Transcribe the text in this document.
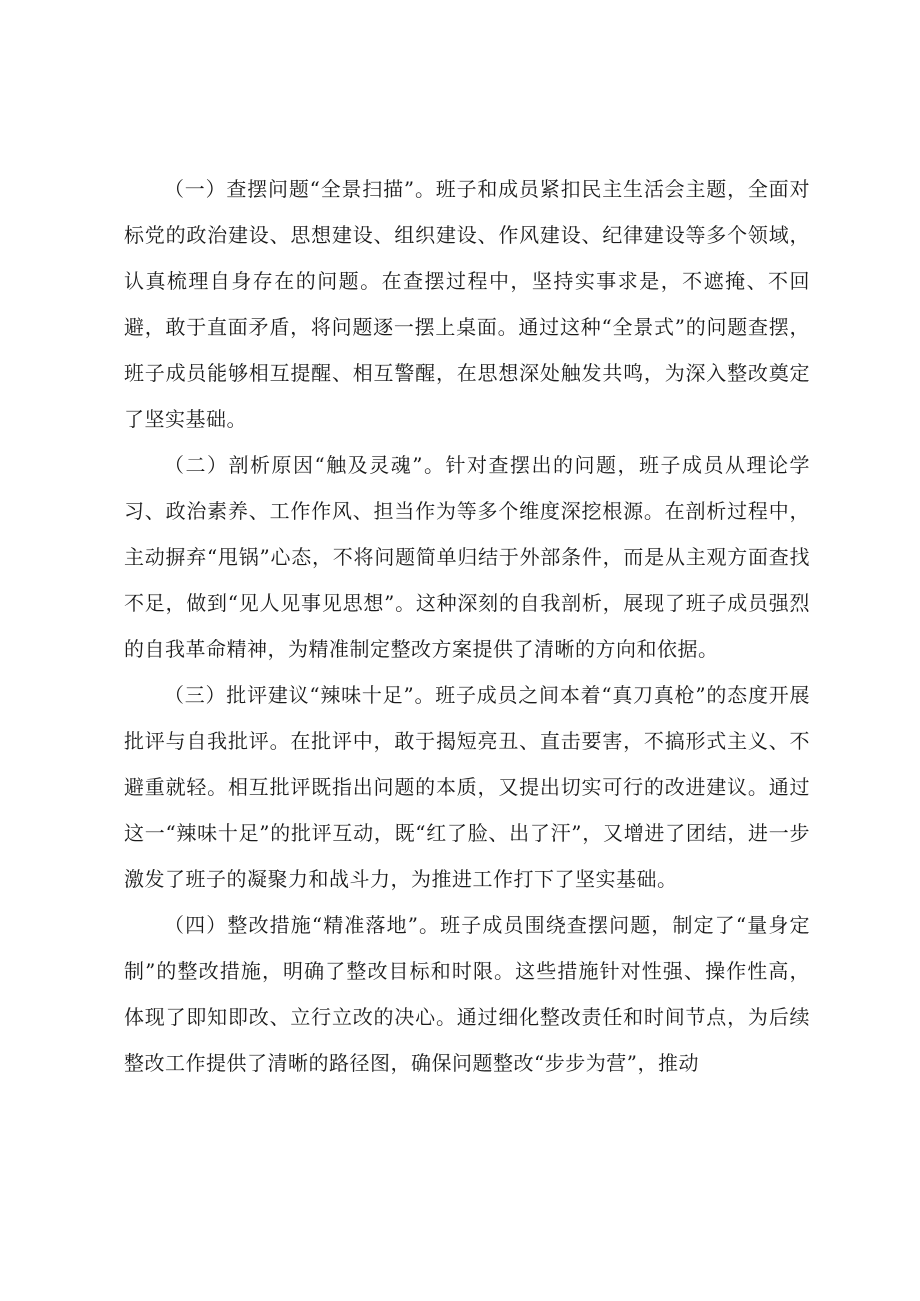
（一）查摆问题“全景扫描”。班子和成员紧扣民主生活会主题，全面对标党的政治建设、思想建设、组织建设、作风建设、纪律建设等多个领域，认真梳理自身存在的问题。在查摆过程中，坚持实事求是，不遮掩、不回避，敢于直面矛盾，将问题逐一摆上桌面。通过这种“全景式”的问题查摆，班子成员能够相互提醒、相互警醒，在思想深处触发共鸣，为深入整改奠定了坚实基础。

（二）剖析原因“触及灵魂”。针对查摆出的问题，班子成员从理论学习、政治素养、工作作风、担当作为等多个维度深挖根源。在剖析过程中，主动摒弃“甩锅”心态，不将问题简单归结于外部条件，而是从主观方面查找不足，做到“见人见事见思想”。这种深刻的自我剖析，展现了班子成员强烈的自我革命精神，为精准制定整改方案提供了清晰的方向和依据。

（三）批评建议“辣味十足”。班子成员之间本着“真刀真枪”的态度开展批评与自我批评。在批评中，敢于揭短亮丑、直击要害，不搞形式主义、不避重就轻。相互批评既指出问题的本质，又提出切实可行的改进建议。通过这一“辣味十足”的批评互动，既“红了脸、出了汗”，又增进了团结，进一步激发了班子的凝聚力和战斗力，为推进工作打下了坚实基础。

（四）整改措施“精准落地”。班子成员围绕查摆问题，制定了“量身定制”的整改措施，明确了整改目标和时限。这些措施针对性强、操作性高，体现了即知即改、立行立改的决心。通过细化整改责任和时间节点，为后续整改工作提供了清晰的路径图，确保问题整改“步步为营”，推动
